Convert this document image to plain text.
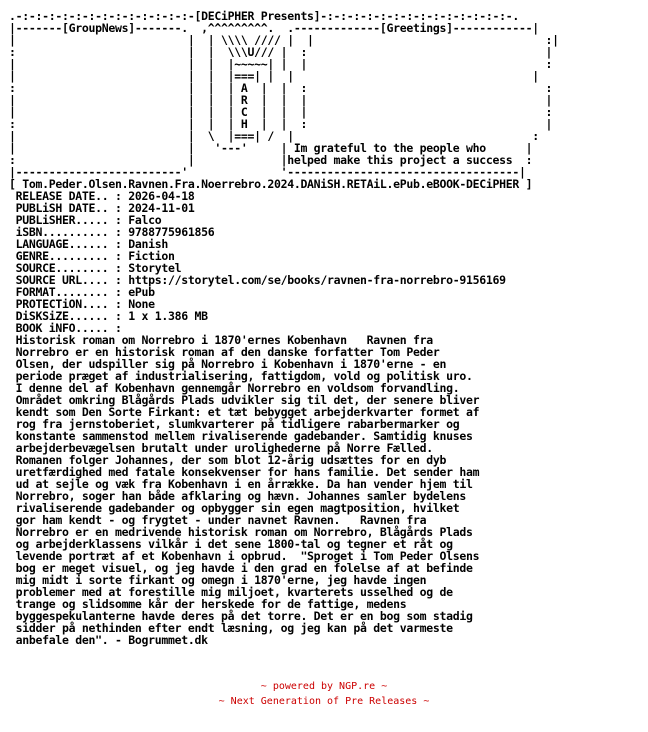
.-:-:-:-:-:-:-:-:-:-:-:-:-:-[DECiPHER Presents]-:-:-:-:-:-:-:-:-:-:-:-:-:-:-.
|-------[GroupNews]-------.  ,^^^^^^^^^.  .-------------[Greetings]------------|
|                          |  | \\\\ //// |  |                                   :|
:                          |  |  \\\U/// |  :                                    |
|                          |  |  |~~~~~| |  |                                    :
|                          |  |  |===| |  |                                    |
:                          |  |  | A  |  |  :                                    :
|                          |  |  | R  |  |  |                                    |
|                          |  |  | C  |  |  |                                    :
:                          |  |  | H  |  |  :                                    |
|                          |  \  |===| /  |                                    :
|                          |   '---'     | Im grateful to the people who      |
:                          |             |helped make this project a success  :
|-------------------------'              '-----------------------------------|
[ Tom.Peder.Olsen.Ravnen.Fra.Noerrebro.2024.DANiSH.RETAiL.ePub.eBOOK-DECiPHER ]
RELEASE DATE.. : 2026-04-18
PUBLiSH DATE.. : 2024-11-01
PUBLiSHER..... : Falco
iSBN.......... : 9788775961856
LANGUAGE...... : Danish
GENRE......... : Fiction
SOURCE........ : Storytel
SOURCE URL.... : https://storytel.com/se/books/ravnen-fra-norrebro-9156169
FORMAT........ : ePub
PROTECTiON.... : None
DiSKSiZE...... : 1 x 1.386 MB
BOOK iNFO..... :
Historisk roman om Norrebro i 1870'ernes Kobenhavn   Ravnen fra
Norrebro er en historisk roman af den danske forfatter Tom Peder
Olsen, der udspiller sig på Norrebro i Kobenhavn i 1870'erne - en
periode præget af industrialisering, fattigdom, vold og politisk uro.
I denne del af Kobenhavn gennemgår Norrebro en voldsom forvandling.
Området omkring Blågårds Plads udvikler sig til det, der senere bliver
kendt som Den Sorte Firkant: et tæt bebygget arbejderkvarter formet af
rog fra jernstoberiet, slumkvarterer på tidligere rabarbermarker og
konstante sammenstod mellem rivaliserende gadebander. Samtidig knuses
arbejderbevægelsen brutalt under urolighederne på Norre Fælled.
Romanen folger Johannes, der som blot 12-årig udsættes for en dyb
uretfærdighed med fatale konsekvenser for hans familie. Det sender ham
ud at sejle og væk fra Kobenhavn i en årrække. Da han vender hjem til
Norrebro, soger han både afklaring og hævn. Johannes samler bydelens
rivaliserende gadebander og opbygger sin egen magtposition, hvilket
gor ham kendt - og frygtet - under navnet Ravnen.   Ravnen fra
Norrebro er en medrivende historisk roman om Norrebro, Blågårds Plads
og arbejderklassens vilkår i det sene 1800-tal og tegner et råt og
levende portræt af et Kobenhavn i opbrud.  "Sproget i Tom Peder Olsens
bog er meget visuel, og jeg havde i den grad en folelse af at befinde
mig midt i sorte firkant og omegn i 1870'erne, jeg havde ingen
problemer med at forestille mig miljoet, kvarterets usselhed og de
trange og slidsomme kår der herskede for de fattige, medens
byggespekulanterne havde deres på det torre. Det er en bog som stadig
sidder på nethinden efter endt læsning, og jeg kan på det varmeste
anbefale den". - Bogrummet.dk
~ powered by NGP.re ~
~ Next Generation of Pre Releases ~
